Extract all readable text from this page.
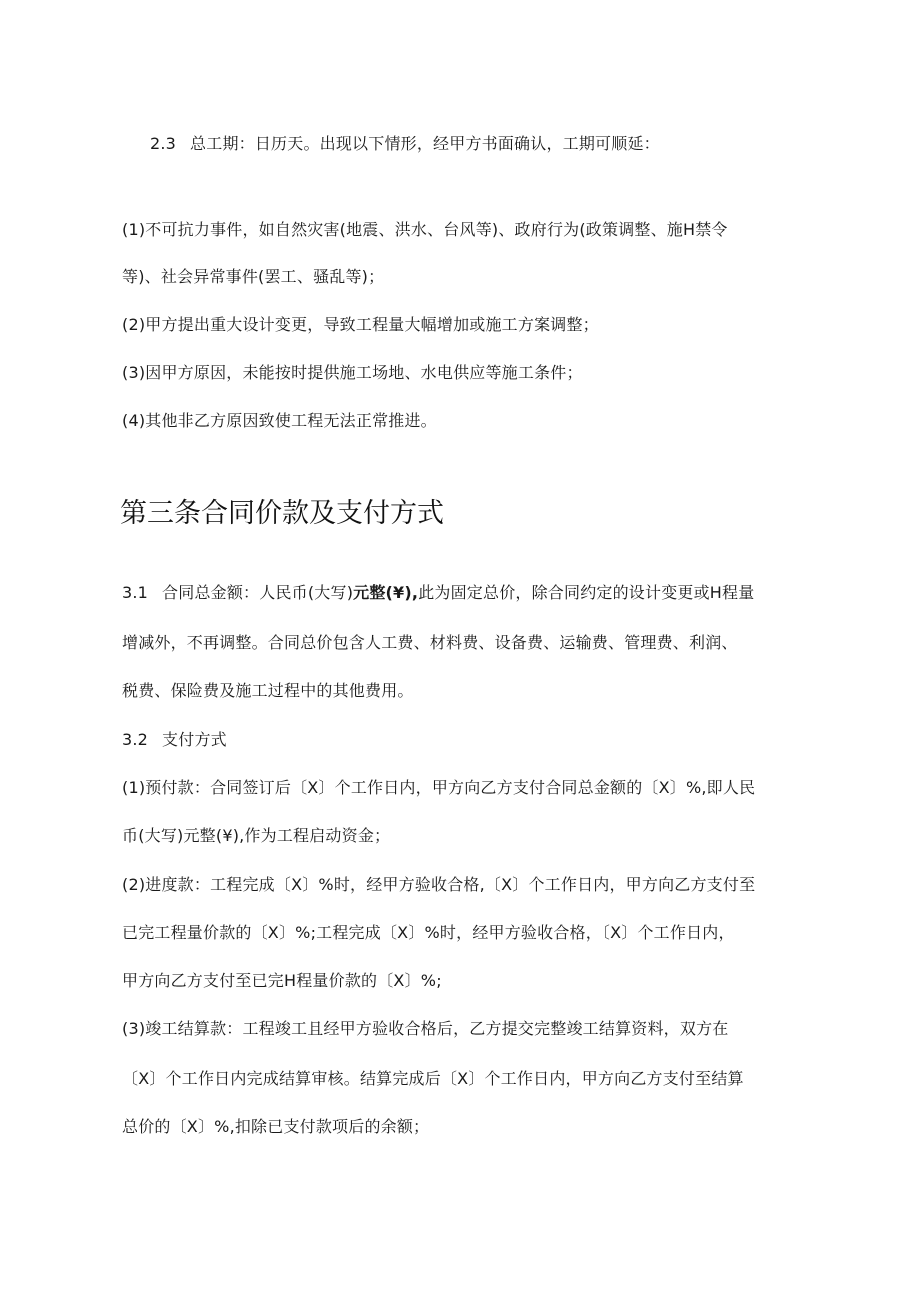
2.3 总工期：日历天。出现以下情形，经甲方书面确认，工期可顺延：
(1)不可抗力事件，如自然灾害(地震、洪水、台风等)、政府行为(政策调整、施H禁令
等)、社会异常事件(罢工、骚乱等)；
(2)甲方提出重大设计变更，导致工程量大幅增加或施工方案调整；
(3)因甲方原因，未能按时提供施工场地、水电供应等施工条件；
(4)其他非乙方原因致使工程无法正常推进。
第三条合同价款及支付方式
3.1 合同总金额：人民币(大写)元整(¥),此为固定总价，除合同约定的设计变更或H程量
增减外，不再调整。合同总价包含人工费、材料费、设备费、运输费、管理费、利润、
税费、保险费及施工过程中的其他费用。
3.2 支付方式
(1)预付款：合同签订后〔X〕个工作日内，甲方向乙方支付合同总金额的〔X〕%,即人民
币(大写)元整(¥),作为工程启动资金；
(2)进度款：工程完成〔X〕%时，经甲方验收合格,〔X〕个工作日内，甲方向乙方支付至
已完工程量价款的〔X〕%;工程完成〔X〕%时，经甲方验收合格，〔X〕个工作日内，
甲方向乙方支付至已完H程量价款的〔X〕%;
(3)竣工结算款：工程竣工且经甲方验收合格后，乙方提交完整竣工结算资料，双方在
〔X〕个工作日内完成结算审核。结算完成后〔X〕个工作日内，甲方向乙方支付至结算
总价的〔X〕%,扣除已支付款项后的余额；
